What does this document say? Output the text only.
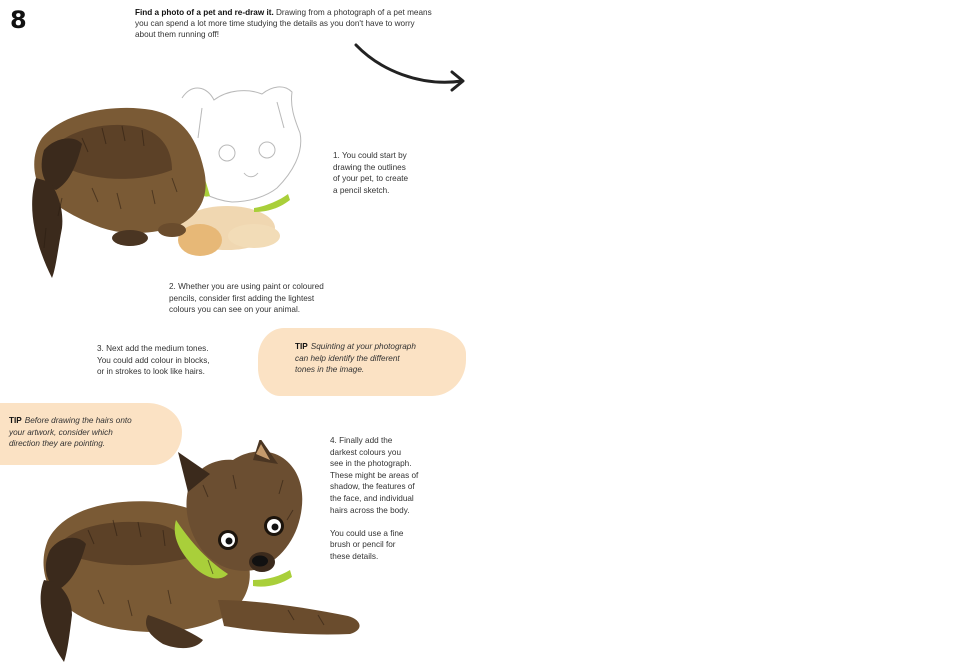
8	Find a photo of a pet and re-draw it. Drawing from a photograph of a pet means you can spend a lot more time studying the details as you don't have to worry about them running off!
1. You could start by
drawing the outlines
of your pet, to create
a pencil sketch.
2. Whether you are using paint or coloured
pencils, consider first adding the lightest
colours you can see on your animal.
3. Next add the medium tones.
You could add colour in blocks,
or in strokes to look like hairs.
TIP Squinting at your photograph
can help identify the different
tones in the image.
TIP Before drawing the hairs onto
your artwork, consider which
direction they are pointing.	4. Finally add the
darkest colours you
see in the photograph.
These might be areas of
shadow, the features of
the face, and individual
hairs across the body.
You could use a fine
brush or pencil for
these details.
